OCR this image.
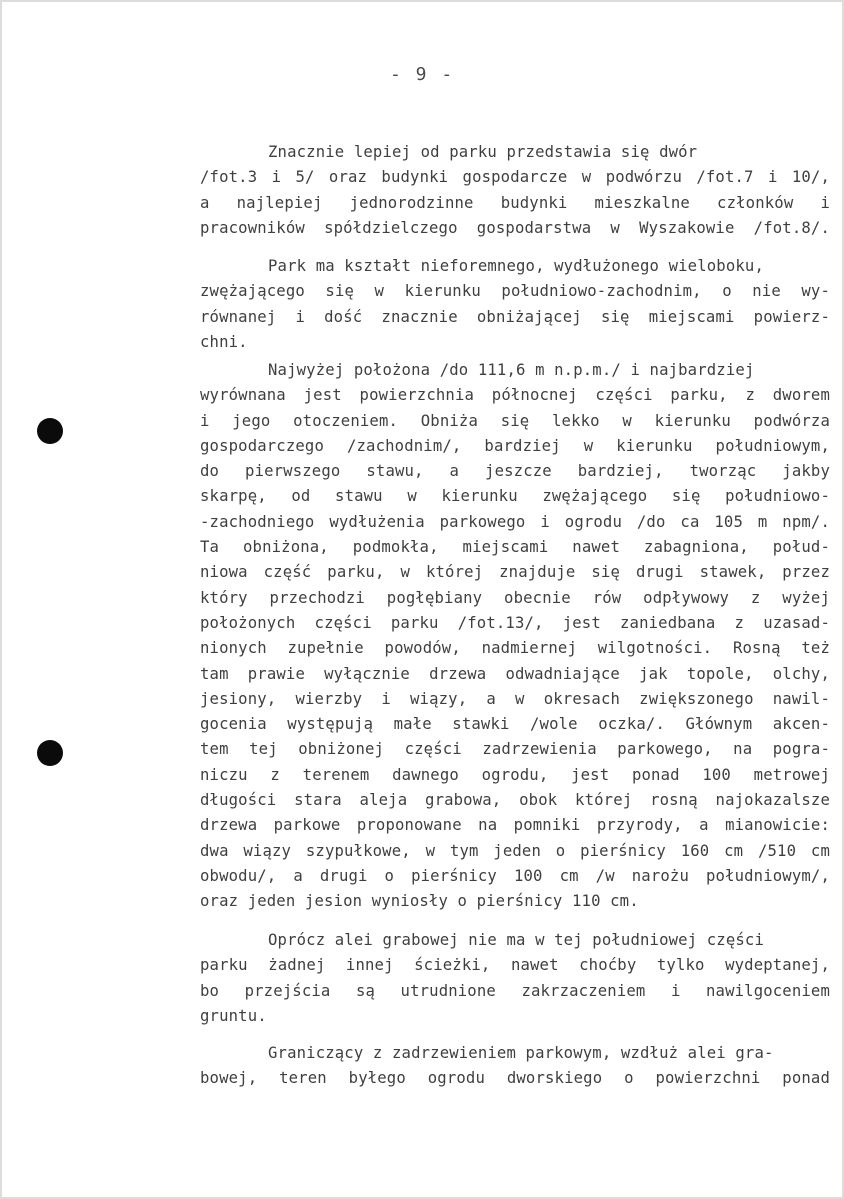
- 9 -
Znacznie lepiej od parku przedstawia się dwór
/fot.3 i 5/ oraz budynki gospodarcze w podwórzu /fot.7 i 10/,
a najlepiej jednorodzinne budynki mieszkalne członków i
pracowników spółdzielczego gospodarstwa w Wyszakowie /fot.8/.
Park ma kształt nieforemnego, wydłużonego wieloboku,
zwężającego się w kierunku południowo-zachodnim, o nie wy-
równanej i dość znacznie obniżającej się miejscami powierz-
chni.
Najwyżej położona /do 111,6 m n.p.m./ i najbardziej
wyrównana jest powierzchnia północnej części parku, z dworem
i jego otoczeniem. Obniża się lekko w kierunku podwórza
gospodarczego /zachodnim/, bardziej w kierunku południowym,
do pierwszego stawu, a jeszcze bardziej, tworząc jakby
skarpę, od stawu w kierunku zwężającego się południowo-
-zachodniego wydłużenia parkowego i ogrodu /do ca 105 m npm/.
Ta obniżona, podmokła, miejscami nawet zabagniona, połud-
niowa część parku, w której znajduje się drugi stawek, przez
który przechodzi pogłębiany obecnie rów odpływowy z wyżej
położonych części parku /fot.13/, jest zaniedbana z uzasad-
nionych zupełnie powodów, nadmiernej wilgotności. Rosną też
tam prawie wyłącznie drzewa odwadniające jak topole, olchy,
jesiony, wierzby i wiązy, a w okresach zwiększonego nawil-
gocenia występują małe stawki /wole oczka/. Głównym akcen-
tem tej obniżonej części zadrzewienia parkowego, na pogra-
niczu z terenem dawnego ogrodu, jest ponad 100 metrowej
długości stara aleja grabowa, obok której rosną najokazalsze
drzewa parkowe proponowane na pomniki przyrody, a mianowicie:
dwa wiązy szypułkowe, w tym jeden o pierśnicy 160 cm /510 cm
obwodu/, a drugi o pierśnicy 100 cm /w narożu południowym/,
oraz jeden jesion wyniosły o pierśnicy 110 cm.
Oprócz alei grabowej nie ma w tej południowej części
parku żadnej innej ścieżki, nawet choćby tylko wydeptanej,
bo przejścia są utrudnione zakrzaczeniem i nawilgoceniem
gruntu.
Graniczący z zadrzewieniem parkowym, wzdłuż alei gra-
bowej, teren byłego ogrodu dworskiego o powierzchni ponad
